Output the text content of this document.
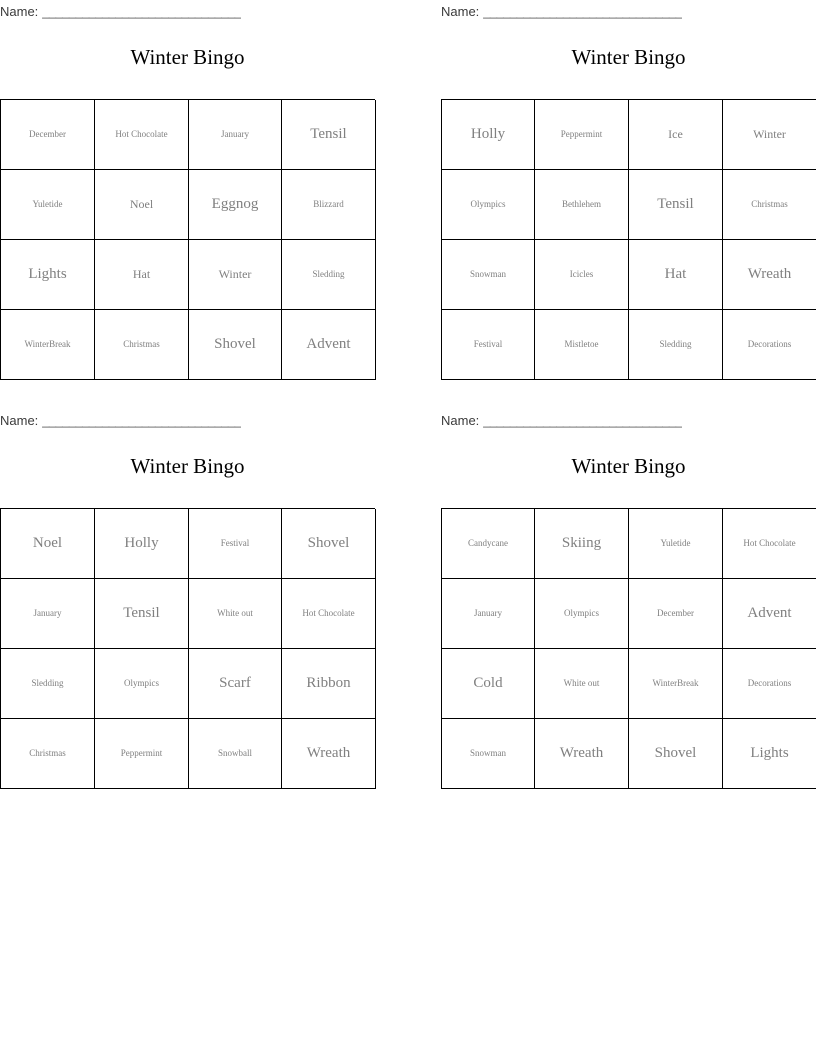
Name: ______________________________
Winter Bingo
December	Hot Chocolate	January	Tensil
Yuletide	Noel	Eggnog	Blizzard
Lights	Hat	Winter	Sledding
WinterBreak	Christmas	Shovel	Advent
Name: ______________________________
Winter Bingo
Holly	Peppermint	Ice	Winter
Olympics	Bethlehem	Tensil	Christmas
Snowman	Icicles	Hat	Wreath
Festival	Mistletoe	Sledding	Decorations
Name: ______________________________
Winter Bingo
Noel	Holly	Festival	Shovel
January	Tensil	White out	Hot Chocolate
Sledding	Olympics	Scarf	Ribbon
Christmas	Peppermint	Snowball	Wreath
Name: ______________________________
Winter Bingo
Candycane	Skiing	Yuletide	Hot Chocolate
January	Olympics	December	Advent
Cold	White out	WinterBreak	Decorations
Snowman	Wreath	Shovel	Lights
